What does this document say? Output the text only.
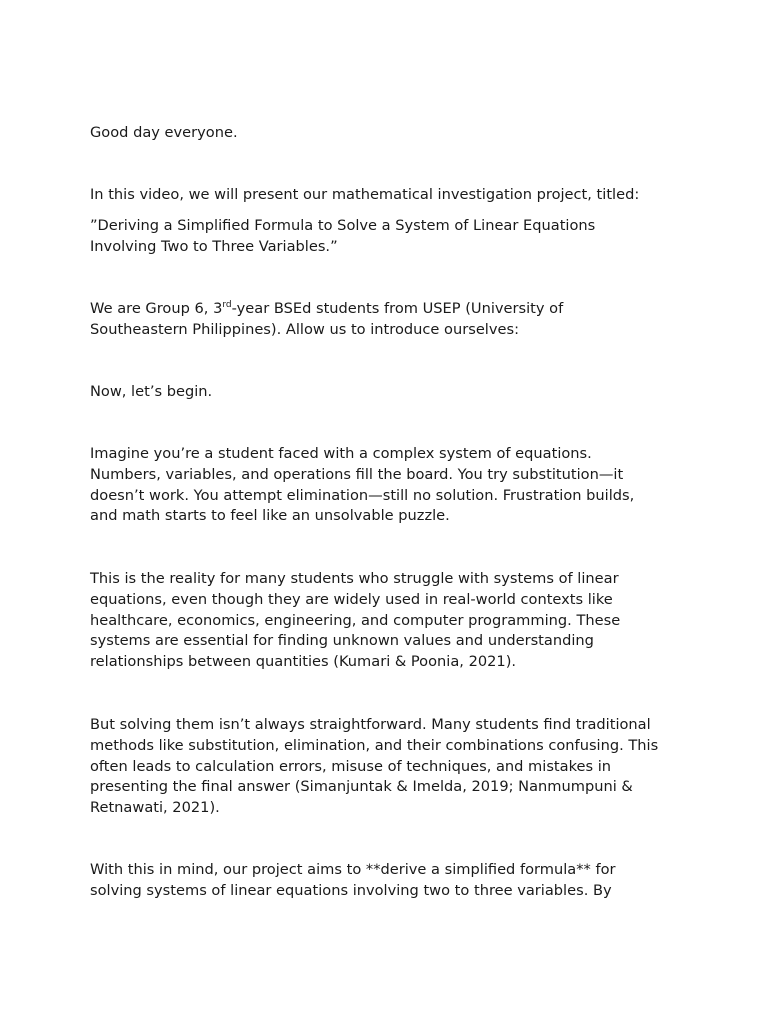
Good day everyone.

In this video, we will present our mathematical investigation project, titled:

”Deriving a Simplified Formula to Solve a System of Linear Equations
Involving Two to Three Variables.”

We are Group 6, 3rd-year BSEd students from USEP (University of
Southeastern Philippines). Allow us to introduce ourselves:

Now, let’s begin.

Imagine you’re a student faced with a complex system of equations.
Numbers, variables, and operations fill the board. You try substitution—it
doesn’t work. You attempt elimination—still no solution. Frustration builds,
and math starts to feel like an unsolvable puzzle.

This is the reality for many students who struggle with systems of linear
equations, even though they are widely used in real-world contexts like
healthcare, economics, engineering, and computer programming. These
systems are essential for finding unknown values and understanding
relationships between quantities (Kumari & Poonia, 2021).

But solving them isn’t always straightforward. Many students find traditional
methods like substitution, elimination, and their combinations confusing. This
often leads to calculation errors, misuse of techniques, and mistakes in
presenting the final answer (Simanjuntak & Imelda, 2019; Nanmumpuni &
Retnawati, 2021).

With this in mind, our project aims to **derive a simplified formula** for
solving systems of linear equations involving two to three variables. By
